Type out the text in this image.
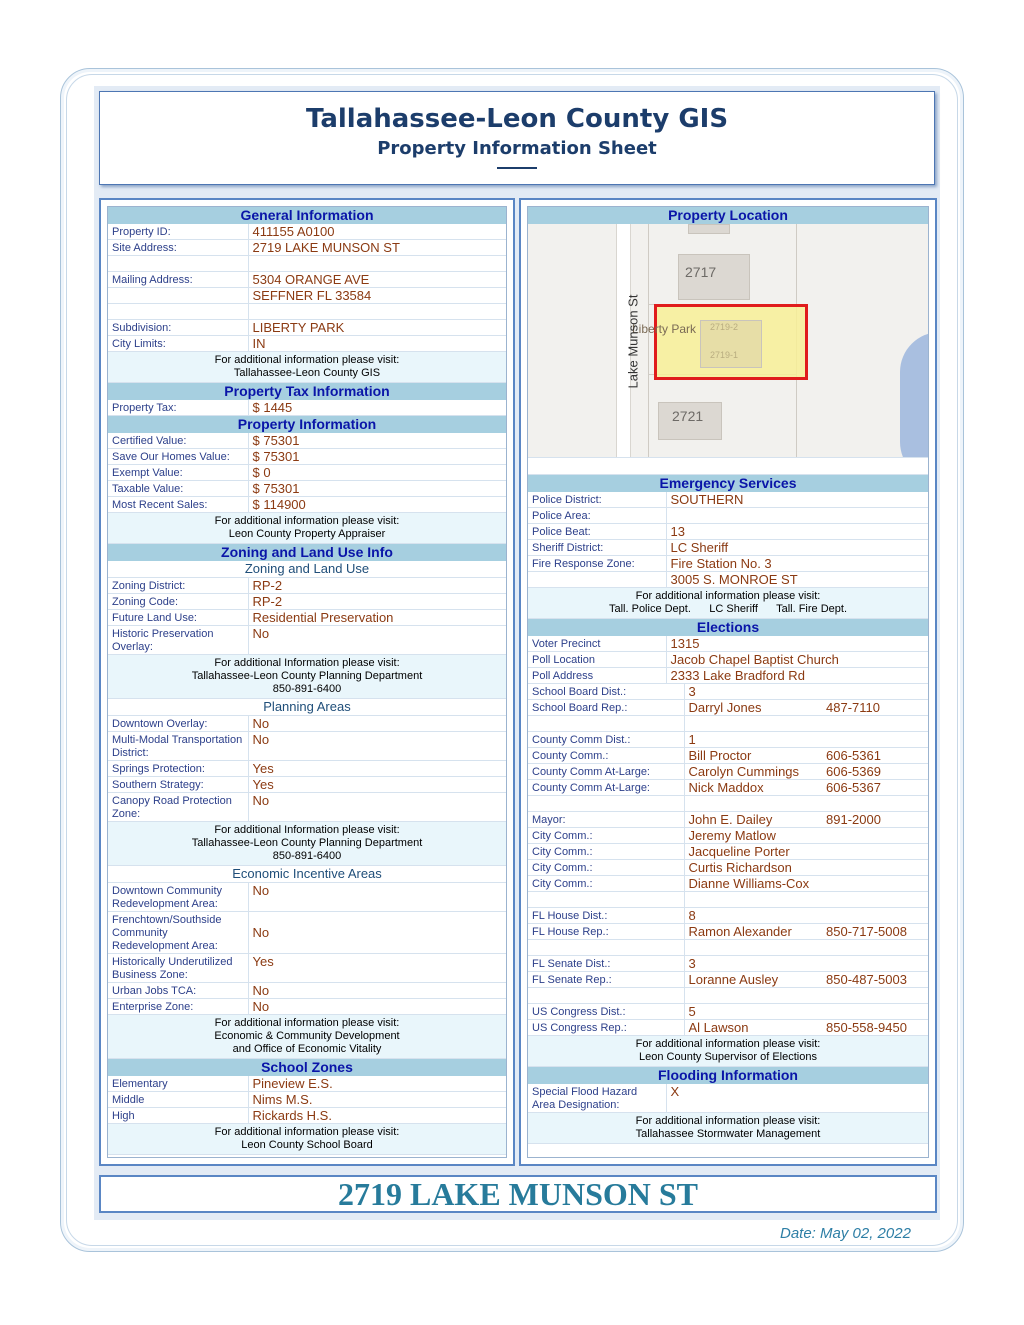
Tallahassee-Leon County GIS
Property Information Sheet
General Information
Property ID:	411155 A0100
Site Address:	2719 LAKE MUNSON ST

Mailing Address:	5304 ORANGE AVE
	SEFFNER FL 33584

Subdivision:	LIBERTY PARK
City Limits:	IN
For additional information please visit:
Tallahassee-Leon County GIS
Property Tax Information
Property Tax:	$ 1445
Property Information
Certified Value:	$ 75301
Save Our Homes Value:	$ 75301
Exempt Value:	$ 0
Taxable Value:	$ 75301
Most Recent Sales:	$ 114900
For additional information please visit:
Leon County Property Appraiser
Zoning and Land Use Info
Zoning and Land Use
Zoning District:	RP-2
Zoning Code:	RP-2
Future Land Use:	Residential Preservation
Historic Preservation Overlay:	No
For additional Information please visit:
Tallahassee-Leon County Planning Department
850-891-6400
Planning Areas
Downtown Overlay:	No
Multi-Modal Transportation District:	No
Springs Protection:	Yes
Southern Strategy:	Yes
Canopy Road Protection Zone:	No
For additional Information please visit:
Tallahassee-Leon County Planning Department
850-891-6400
Economic Incentive Areas
Downtown Community Redevelopment Area:	No
Frenchtown/Southside Community Redevelopment Area:	No
Historically Underutilized Business Zone:	Yes
Urban Jobs TCA:	No
Enterprise Zone:	No
For additional information please visit:
Economic & Community Development
and Office of Economic Vitality
School Zones
Elementary	Pineview E.S.
Middle	Nims M.S.
High	Rickards H.S.
For additional information please visit:
Leon County School Board
Property Location
2717
2721
Liberty Park 2719-2
2719-1
Lake Munson St
Emergency Services
Police District:	SOUTHERN
Police Area:	
Police Beat:	13
Sheriff District:	LC Sheriff
Fire Response Zone:	Fire Station No. 3
	3005 S. MONROE ST
For additional information please visit:
Tall. Police Dept.      LC Sheriff      Tall. Fire Dept.
Elections
Voter Precinct	1315
Poll Location	Jacob Chapel Baptist Church
Poll Address	2333 Lake Bradford Rd
School Board Dist.:	3	
School Board Rep.:	Darryl Jones	487-7110

County Comm Dist.:	1	
County Comm.:	Bill Proctor	606-5361
County Comm At-Large:	Carolyn Cummings	606-5369
County Comm At-Large:	Nick Maddox	606-5367

Mayor:	John E. Dailey	891-2000
City Comm.:	Jeremy Matlow	
City Comm.:	Jacqueline Porter	
City Comm.:	Curtis Richardson	
City Comm.:	Dianne Williams-Cox	

FL House Dist.:	8	
FL House Rep.:	Ramon Alexander	850-717-5008

FL Senate Dist.:	3	
FL Senate Rep.:	Loranne Ausley	850-487-5003

US Congress Dist.:	5	
US Congress Rep.:	Al Lawson	850-558-9450
For additional information please visit:
Leon County Supervisor of Elections
Flooding Information
Special Flood Hazard Area Designation:	X
For additional information please visit:
Tallahassee Stormwater Management
2719 LAKE MUNSON ST
Date: May 02, 2022
